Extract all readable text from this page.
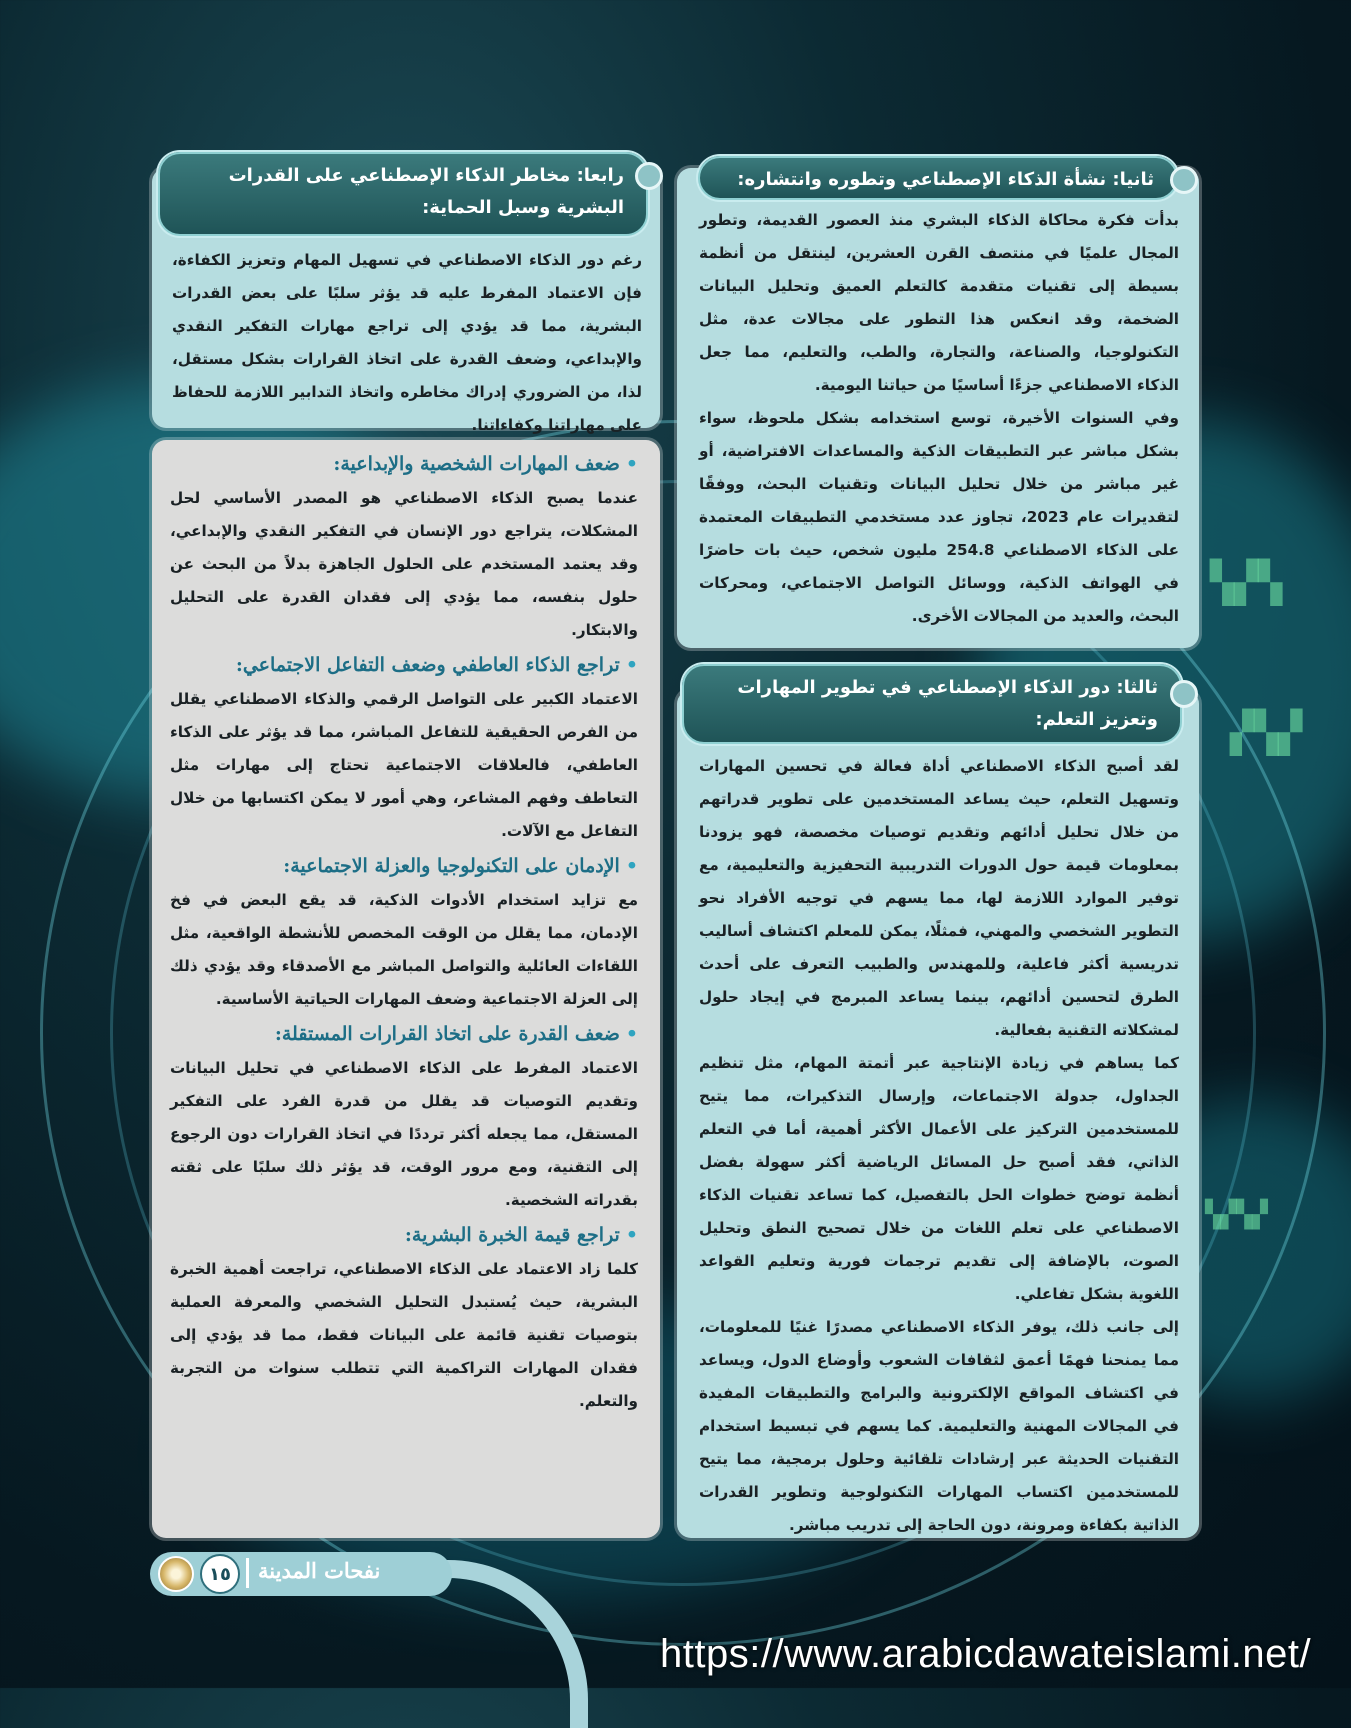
▚▞▚
▞▚▞
▚▞▚▞

بدأت فكرة محاكاة الذكاء البشري منذ العصور القديمة، وتطور المجال علميًا في منتصف القرن العشرين، لينتقل من أنظمة بسيطة إلى تقنيات متقدمة كالتعلم العميق وتحليل البيانات الضخمة، وقد انعكس هذا التطور على مجالات عدة، مثل التكنولوجيا، والصناعة، والتجارة، والطب، والتعليم، مما جعل الذكاء الاصطناعي جزءًا أساسيًا من حياتنا اليومية.

وفي السنوات الأخيرة، توسع استخدامه بشكل ملحوظ، سواء بشكل مباشر عبر التطبيقات الذكية والمساعدات الافتراضية، أو غير مباشر من خلال تحليل البيانات وتقنيات البحث، ووفقًا لتقديرات عام 2023، تجاوز عدد مستخدمي التطبيقات المعتمدة على الذكاء الاصطناعي 254.8 مليون شخص، حيث بات حاضرًا في الهواتف الذكية، ووسائل التواصل الاجتماعي، ومحركات البحث، والعديد من المجالات الأخرى.

ثانيا: نشأة الذكاء الإصطناعي وتطوره وانتشاره:

لقد أصبح الذكاء الاصطناعي أداة فعالة في تحسين المهارات وتسهيل التعلم، حيث يساعد المستخدمين على تطوير قدراتهم من خلال تحليل أدائهم وتقديم توصيات مخصصة، فهو يزودنا بمعلومات قيمة حول الدورات التدريبية التحفيزية والتعليمية، مع توفير الموارد اللازمة لها، مما يسهم في توجيه الأفراد نحو التطوير الشخصي والمهني، فمثلًا، يمكن للمعلم اكتشاف أساليب تدريسية أكثر فاعلية، وللمهندس والطبيب التعرف على أحدث الطرق لتحسين أدائهم، بينما يساعد المبرمج في إيجاد حلول لمشكلاته التقنية بفعالية.

كما يساهم في زيادة الإنتاجية عبر أتمتة المهام، مثل تنظيم الجداول، جدولة الاجتماعات، وإرسال التذكيرات، مما يتيح للمستخدمين التركيز على الأعمال الأكثر أهمية، أما في التعلم الذاتي، فقد أصبح حل المسائل الرياضية أكثر سهولة بفضل أنظمة توضح خطوات الحل بالتفصيل، كما تساعد تقنيات الذكاء الاصطناعي على تعلم اللغات من خلال تصحيح النطق وتحليل الصوت، بالإضافة إلى تقديم ترجمات فورية وتعليم القواعد اللغوية بشكل تفاعلي.

إلى جانب ذلك، يوفر الذكاء الاصطناعي مصدرًا غنيًا للمعلومات، مما يمنحنا فهمًا أعمق لثقافات الشعوب وأوضاع الدول، ويساعد في اكتشاف المواقع الإلكترونية والبرامج والتطبيقات المفيدة في المجالات المهنية والتعليمية. كما يسهم في تبسيط استخدام التقنيات الحديثة عبر إرشادات تلقائية وحلول برمجية، مما يتيح للمستخدمين اكتساب المهارات التكنولوجية وتطوير القدرات الذاتية بكفاءة ومرونة، دون الحاجة إلى تدريب مباشر.

ثالثا: دور الذكاء الإصطناعي في تطوير المهارات وتعزيز التعلم:

رغم دور الذكاء الاصطناعي في تسهيل المهام وتعزيز الكفاءة، فإن الاعتماد المفرط عليه قد يؤثر سلبًا على بعض القدرات البشرية، مما قد يؤدي إلى تراجع مهارات التفكير النقدي والإبداعي، وضعف القدرة على اتخاذ القرارات بشكل مستقل، لذا، من الضروري إدراك مخاطره واتخاذ التدابير اللازمة للحفاظ على مهاراتنا وكفاءاتنا.

رابعا: مخاطر الذكاء الإصطناعي على القدرات البشرية وسبل الحماية:
•ضعف المهارات الشخصية والإبداعية:

عندما يصبح الذكاء الاصطناعي هو المصدر الأساسي لحل المشكلات، يتراجع دور الإنسان في التفكير النقدي والإبداعي، وقد يعتمد المستخدم على الحلول الجاهزة بدلاً من البحث عن حلول بنفسه، مما يؤدي إلى فقدان القدرة على التحليل والابتكار.

•تراجع الذكاء العاطفي وضعف التفاعل الاجتماعي:

الاعتماد الكبير على التواصل الرقمي والذكاء الاصطناعي يقلل من الفرص الحقيقية للتفاعل المباشر، مما قد يؤثر على الذكاء العاطفي، فالعلاقات الاجتماعية تحتاج إلى مهارات مثل التعاطف وفهم المشاعر، وهي أمور لا يمكن اكتسابها من خلال التفاعل مع الآلات.

•الإدمان على التكنولوجيا والعزلة الاجتماعية:

مع تزايد استخدام الأدوات الذكية، قد يقع البعض في فخ الإدمان، مما يقلل من الوقت المخصص للأنشطة الواقعية، مثل اللقاءات العائلية والتواصل المباشر مع الأصدقاء وقد يؤدي ذلك إلى العزلة الاجتماعية وضعف المهارات الحياتية الأساسية.

•ضعف القدرة على اتخاذ القرارات المستقلة:

الاعتماد المفرط على الذكاء الاصطناعي في تحليل البيانات وتقديم التوصيات قد يقلل من قدرة الفرد على التفكير المستقل، مما يجعله أكثر ترددًا في اتخاذ القرارات دون الرجوع إلى التقنية، ومع مرور الوقت، قد يؤثر ذلك سلبًا على ثقته بقدراته الشخصية.

•تراجع قيمة الخبرة البشرية:

كلما زاد الاعتماد على الذكاء الاصطناعي، تراجعت أهمية الخبرة البشرية، حيث يُستبدل التحليل الشخصي والمعرفة العملية بتوصيات تقنية قائمة على البيانات فقط، مما قد يؤدي إلى فقدان المهارات التراكمية التي تتطلب سنوات من التجربة والتعلم.

١٥	نفحات المدينة
https://www.arabicdawateislami.net/
